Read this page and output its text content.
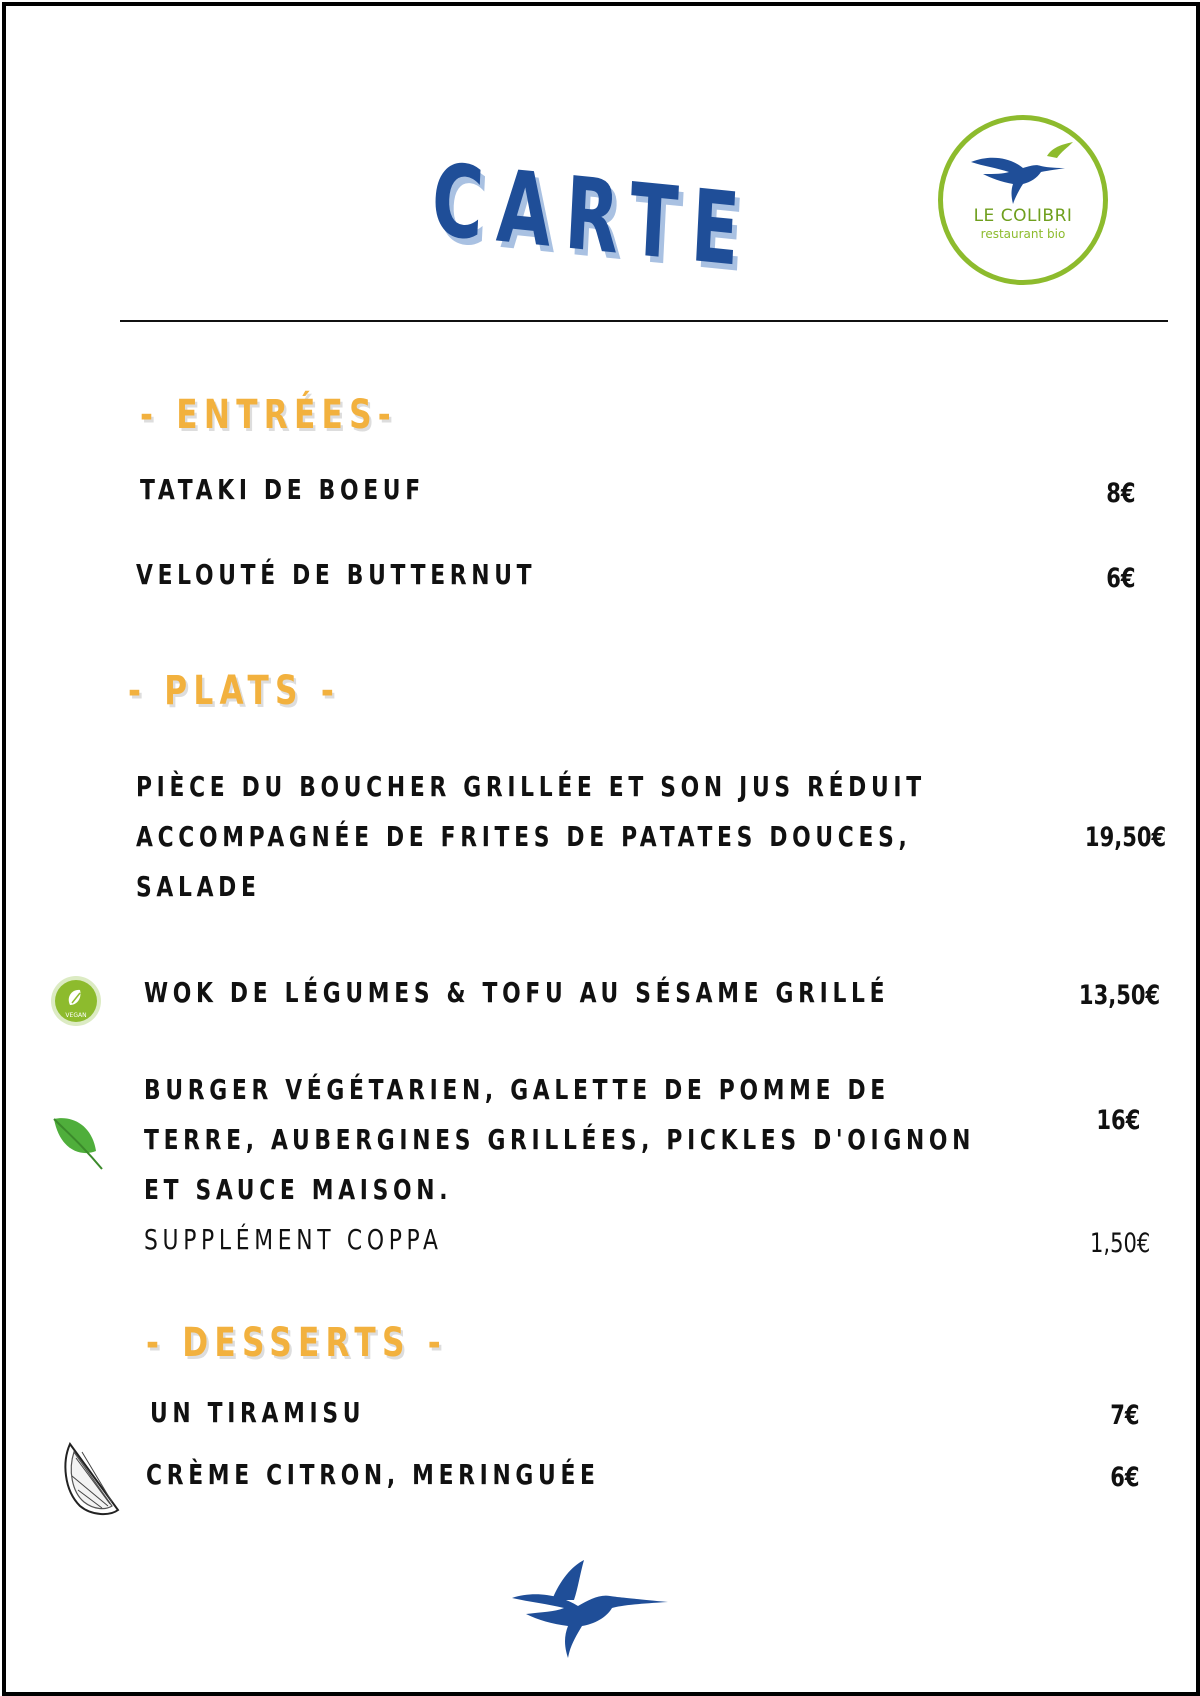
CARTE	LE COLIBRI
restaurant bio
- ENTRÉES-
TATAKI DE BOEUF	8€
VELOUTÉ DE BUTTERNUT	6€
- PLATS -
PIÈCE DU BOUCHER GRILLÉE ET SON JUS RÉDUIT
ACCOMPAGNÉE DE FRITES DE PATATES DOUCES,
SALADE
19,50€
VEGAN
WOK DE LÉGUMES & TOFU AU SÉSAME GRILLÉ	13,50€
BURGER VÉGÉTARIEN, GALETTE DE POMME DE
TERRE, AUBERGINES GRILLÉES, PICKLES D'OIGNON
ET SAUCE MAISON.
16€
SUPPLÉMENT COPPA	1,50€
- DESSERTS -
UN TIRAMISU	7€
CRÈME CITRON, MERINGUÉE	6€
